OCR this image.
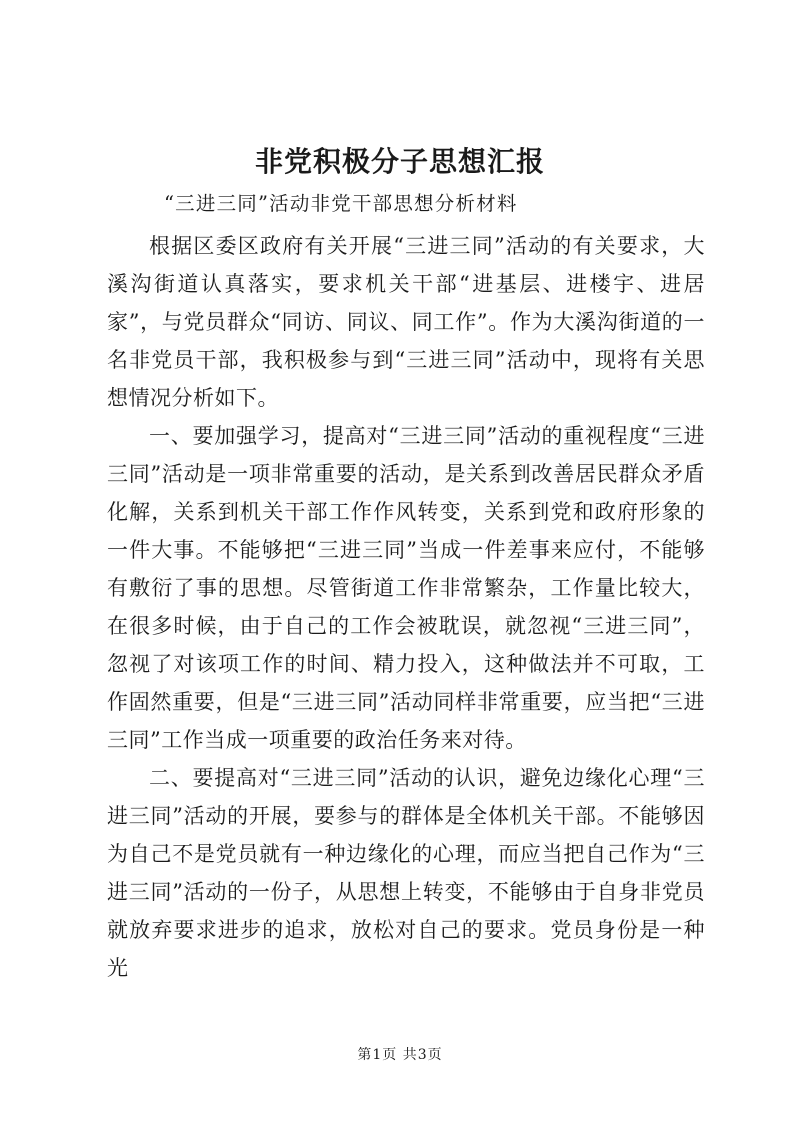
非党积极分子思想汇报

“三进三同”活动非党干部思想分析材料

根据区委区政府有关开展“三进三同”活动的有关要求，大溪沟街道认真落实，要求机关干部“进基层、进楼宇、进居家”，与党员群众“同访、同议、同工作”。作为大溪沟街道的一名非党员干部，我积极参与到“三进三同”活动中，现将有关思想情况分析如下。

一、要加强学习，提高对“三进三同”活动的重视程度“三进三同”活动是一项非常重要的活动，是关系到改善居民群众矛盾化解，关系到机关干部工作作风转变，关系到党和政府形象的一件大事。不能够把“三进三同”当成一件差事来应付，不能够有敷衍了事的思想。尽管街道工作非常繁杂，工作量比较大，在很多时候，由于自己的工作会被耽误，就忽视“三进三同”，忽视了对该项工作的时间、精力投入，这种做法并不可取，工作固然重要，但是“三进三同”活动同样非常重要，应当把“三进三同”工作当成一项重要的政治任务来对待。

二、要提高对“三进三同”活动的认识，避免边缘化心理“三进三同”活动的开展，要参与的群体是全体机关干部。不能够因为自己不是党员就有一种边缘化的心理，而应当把自己作为“三进三同”活动的一份子，从思想上转变，不能够由于自身非党员就放弃要求进步的追求，放松对自己的要求。党员身份是一种光

第1页 共3页
